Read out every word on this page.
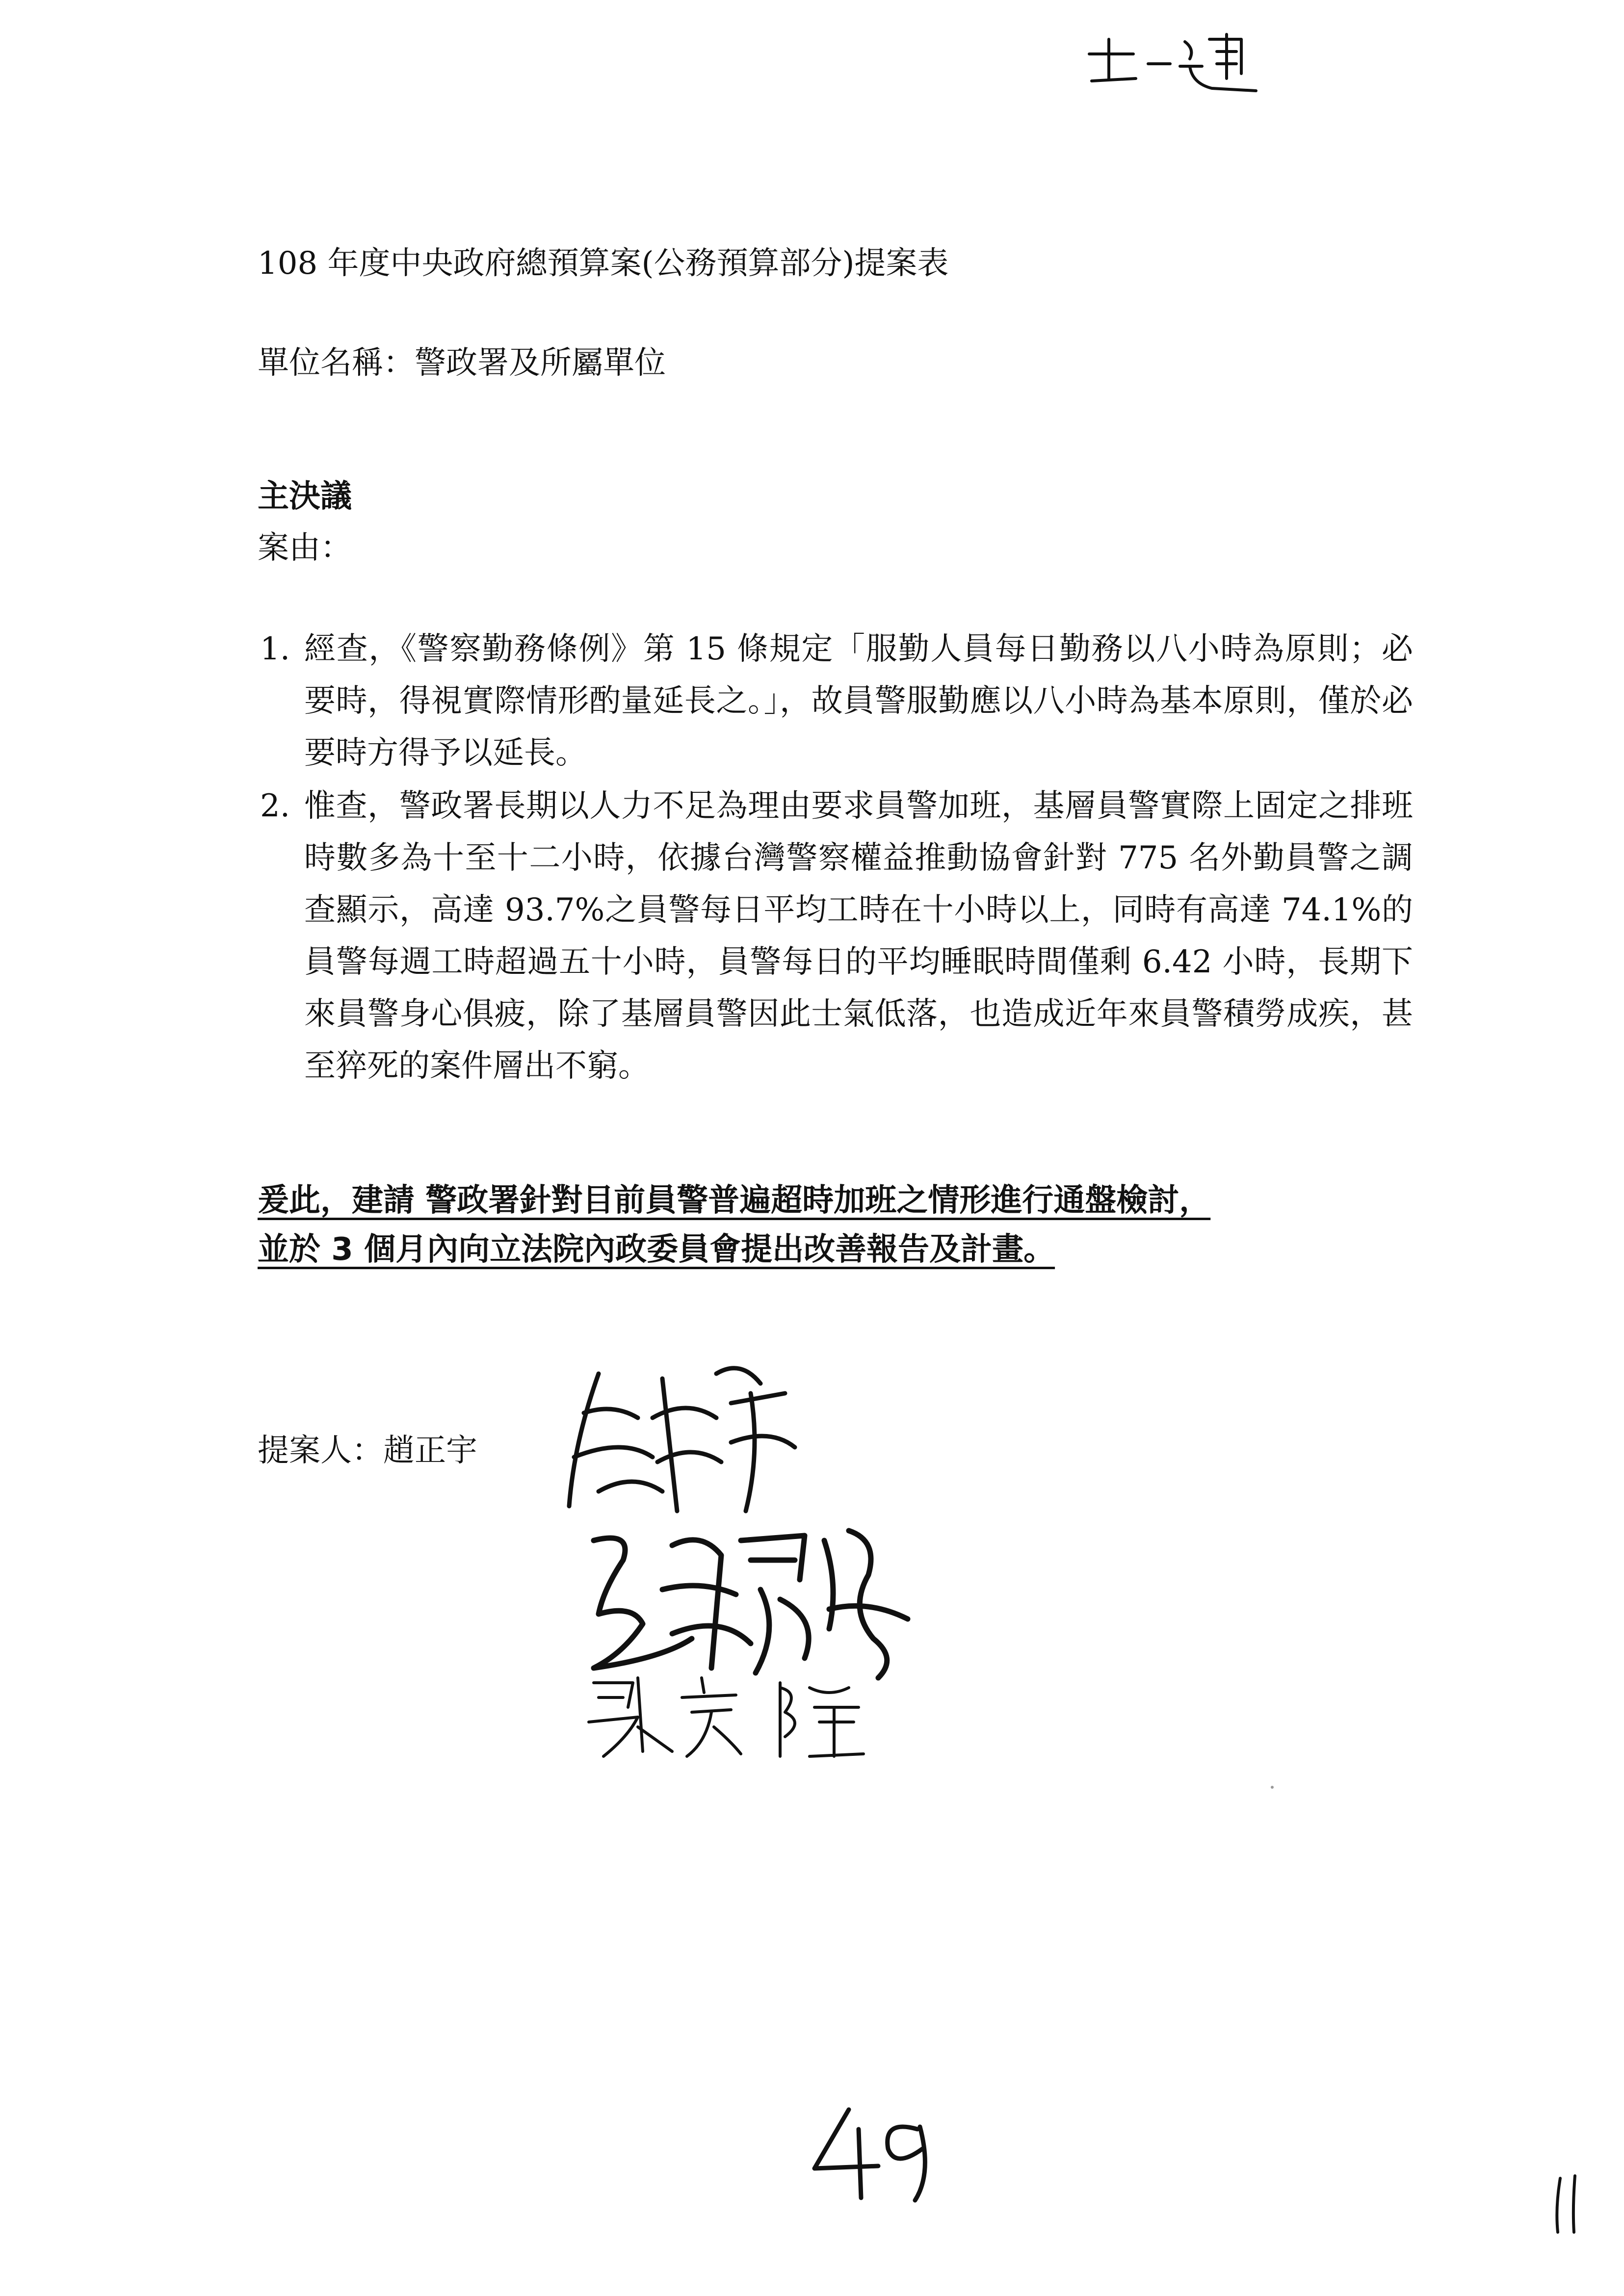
108 年度中央政府總預算案(公務預算部分)提案表
單位名稱：警政署及所屬單位
主決議
案由：
1. 經查，《警察勤務條例》第 15 條規定「服勤人員每日勤務以八小時為原則；必要時，得視實際情形酌量延長之。」，故員警服勤應以八小時為基本原則，僅於必要時方得予以延長。
2. 惟查，警政署長期以人力不足為理由要求員警加班，基層員警實際上固定之排班時數多為十至十二小時，依據台灣警察權益推動協會針對 775 名外勤員警之調查顯示，高達 93.7%之員警每日平均工時在十小時以上，同時有高達 74.1%的員警每週工時超過五十小時，員警每日的平均睡眠時間僅剩 6.42 小時，長期下來員警身心俱疲，除了基層員警因此士氣低落，也造成近年來員警積勞成疾，甚至猝死的案件層出不窮。
爰此，建請 警政署針對目前員警普遍超時加班之情形進行通盤檢討，
並於 3 個月內向立法院內政委員會提出改善報告及計畫。
提案人：趙正宇
